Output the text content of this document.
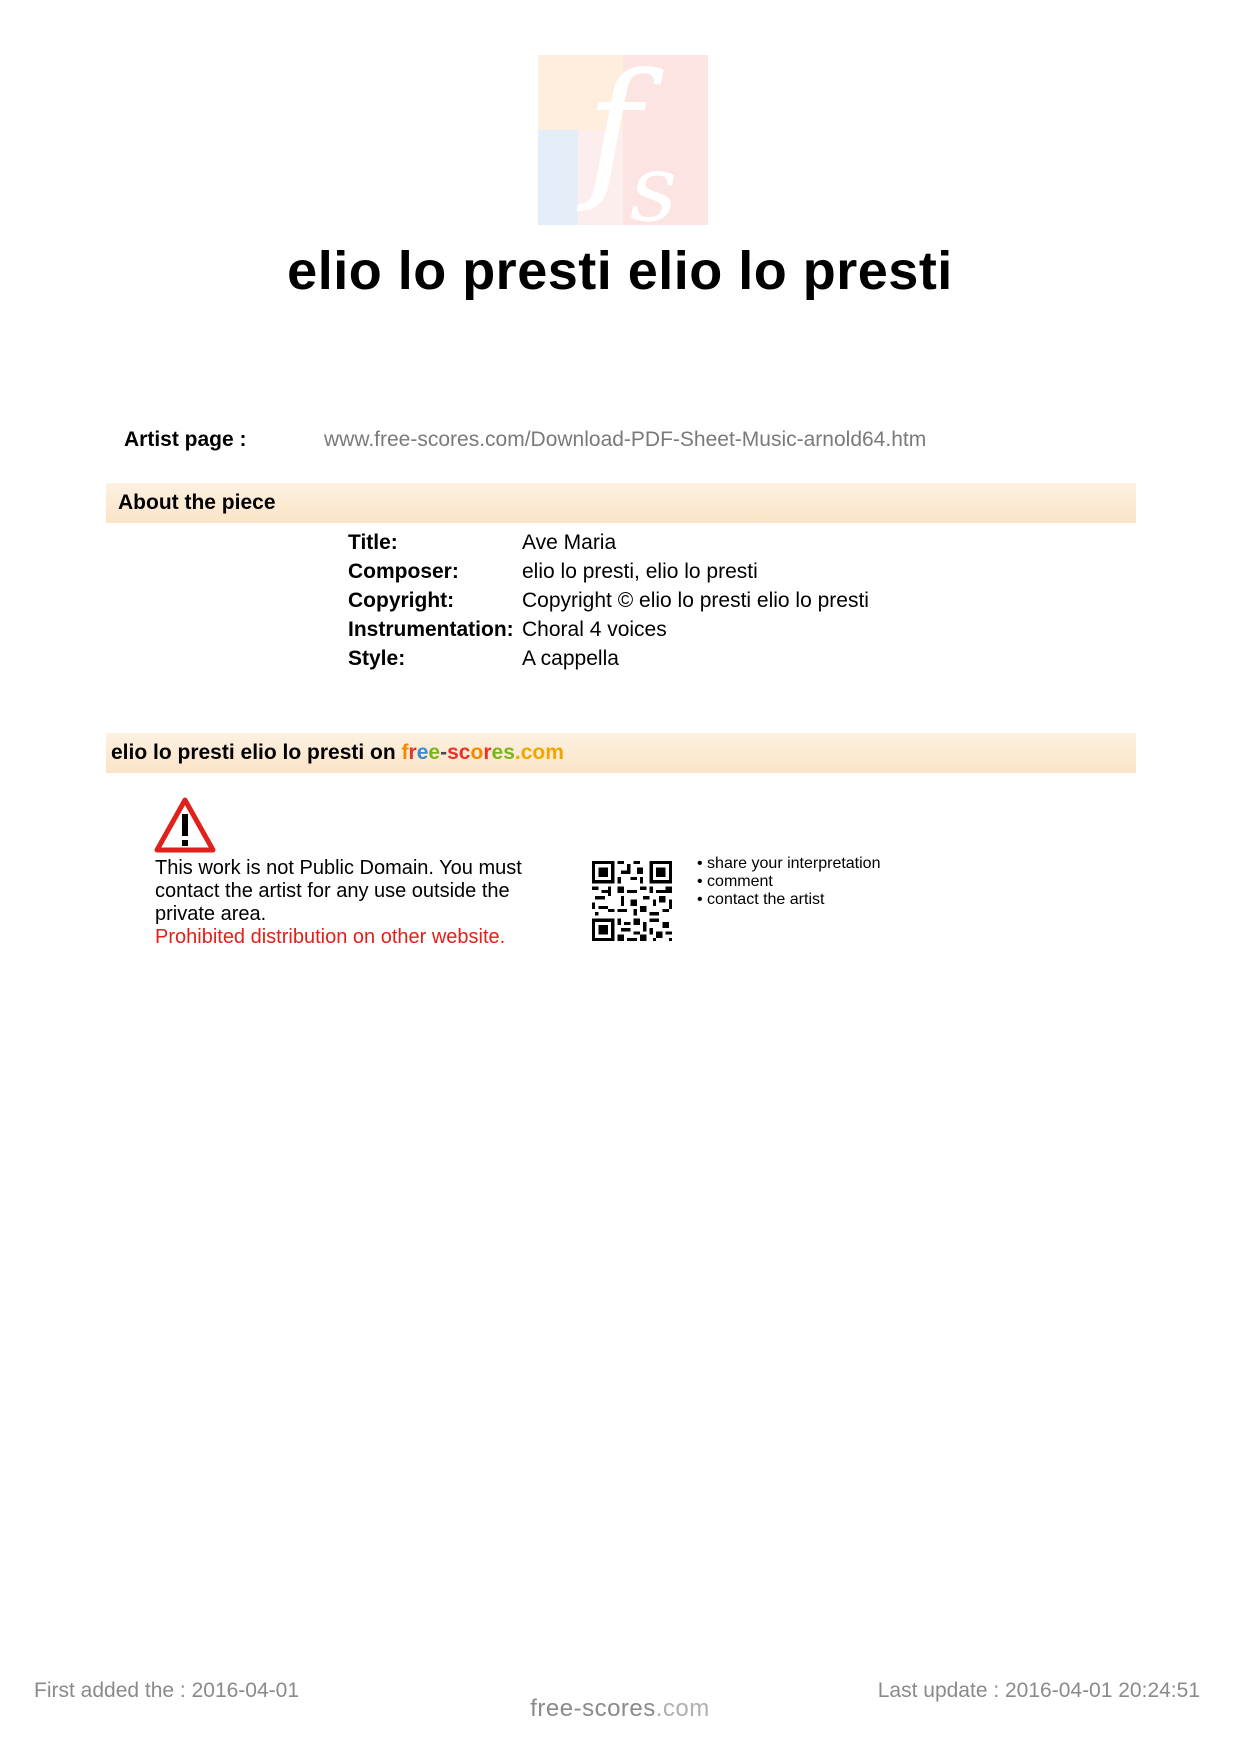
f
s
elio lo presti elio lo presti
Artist page :	www.free-scores.com/Download-PDF-Sheet-Music-arnold64.htm
About the piece
Title:	Ave Maria
Composer:	elio lo presti, elio lo presti
Copyright:	Copyright © elio lo presti elio lo presti
Instrumentation:	Choral 4 voices
Style:	A cappella
elio lo presti elio lo presti on free-scores.com
This work is not Public Domain. You must contact the artist for any use outside the private area.
Prohibited distribution on other website.
• share your interpretation
• comment
• contact the artist
First added the : 2016-04-01	Last update : 2016-04-01 20:24:51
free-scores.com
